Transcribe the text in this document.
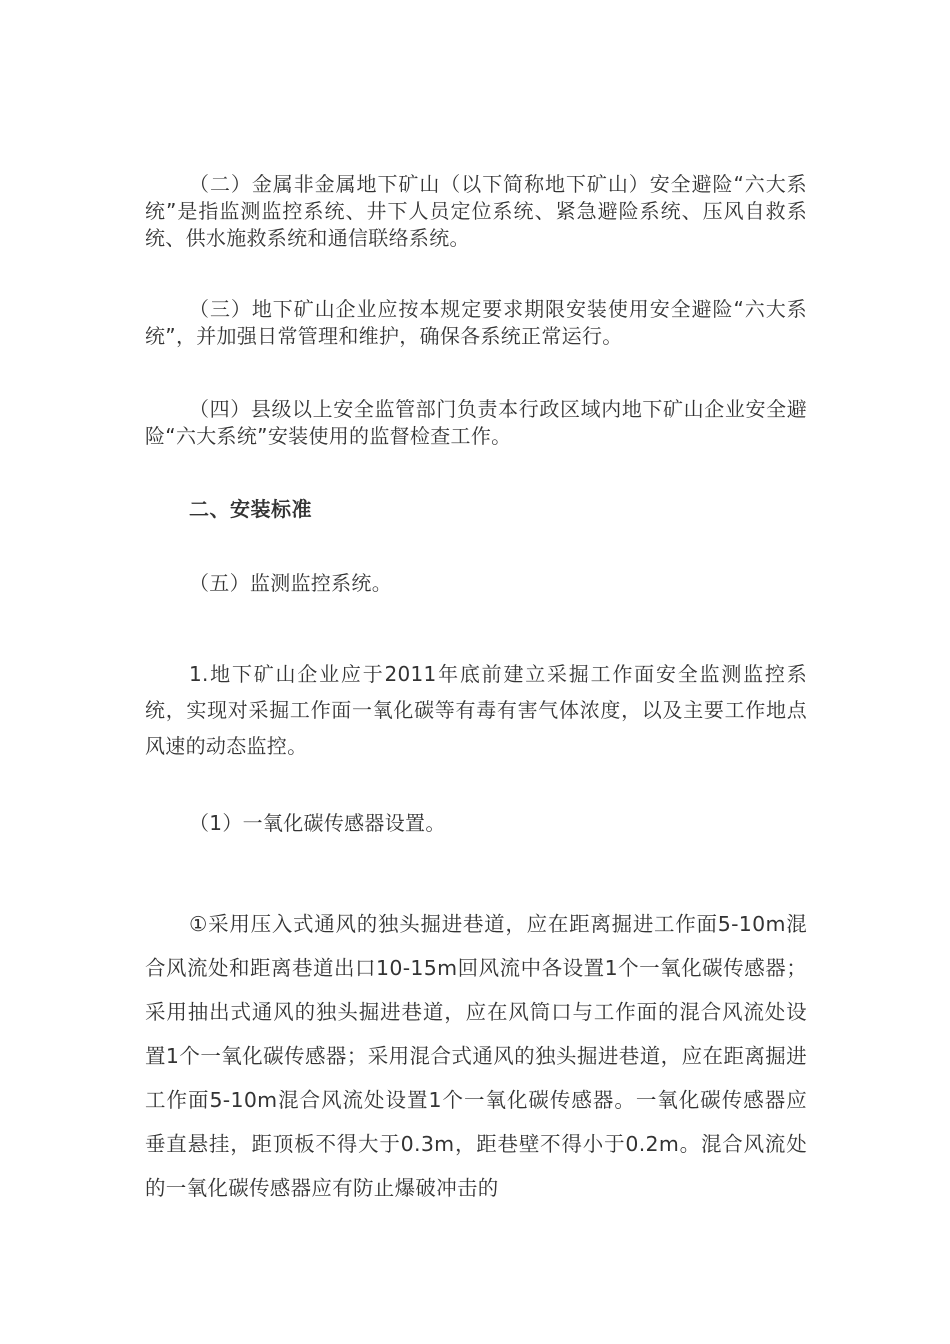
（二）金属非金属地下矿山（以下简称地下矿山）安全避险“六大系统”是指监测监控系统、井下人员定位系统、紧急避险系统、压风自救系统、供水施救系统和通信联络系统。

（三）地下矿山企业应按本规定要求期限安装使用安全避险“六大系统”，并加强日常管理和维护，确保各系统正常运行。

（四）县级以上安全监管部门负责本行政区域内地下矿山企业安全避险“六大系统”安装使用的监督检查工作。

二、安装标准

（五）监测监控系统。

1.地下矿山企业应于2011年底前建立采掘工作面安全监测监控系统，实现对采掘工作面一氧化碳等有毒有害气体浓度，以及主要工作地点风速的动态监控。

（1）一氧化碳传感器设置。

①采用压入式通风的独头掘进巷道，应在距离掘进工作面5-10m混合风流处和距离巷道出口10-15m回风流中各设置1个一氧化碳传感器；采用抽出式通风的独头掘进巷道，应在风筒口与工作面的混合风流处设置1个一氧化碳传感器；采用混合式通风的独头掘进巷道，应在距离掘进工作面5-10m混合风流处设置1个一氧化碳传感器。一氧化碳传感器应垂直悬挂，距顶板不得大于0.3m，距巷壁不得小于0.2m。混合风流处的一氧化碳传感器应有防止爆破冲击的
